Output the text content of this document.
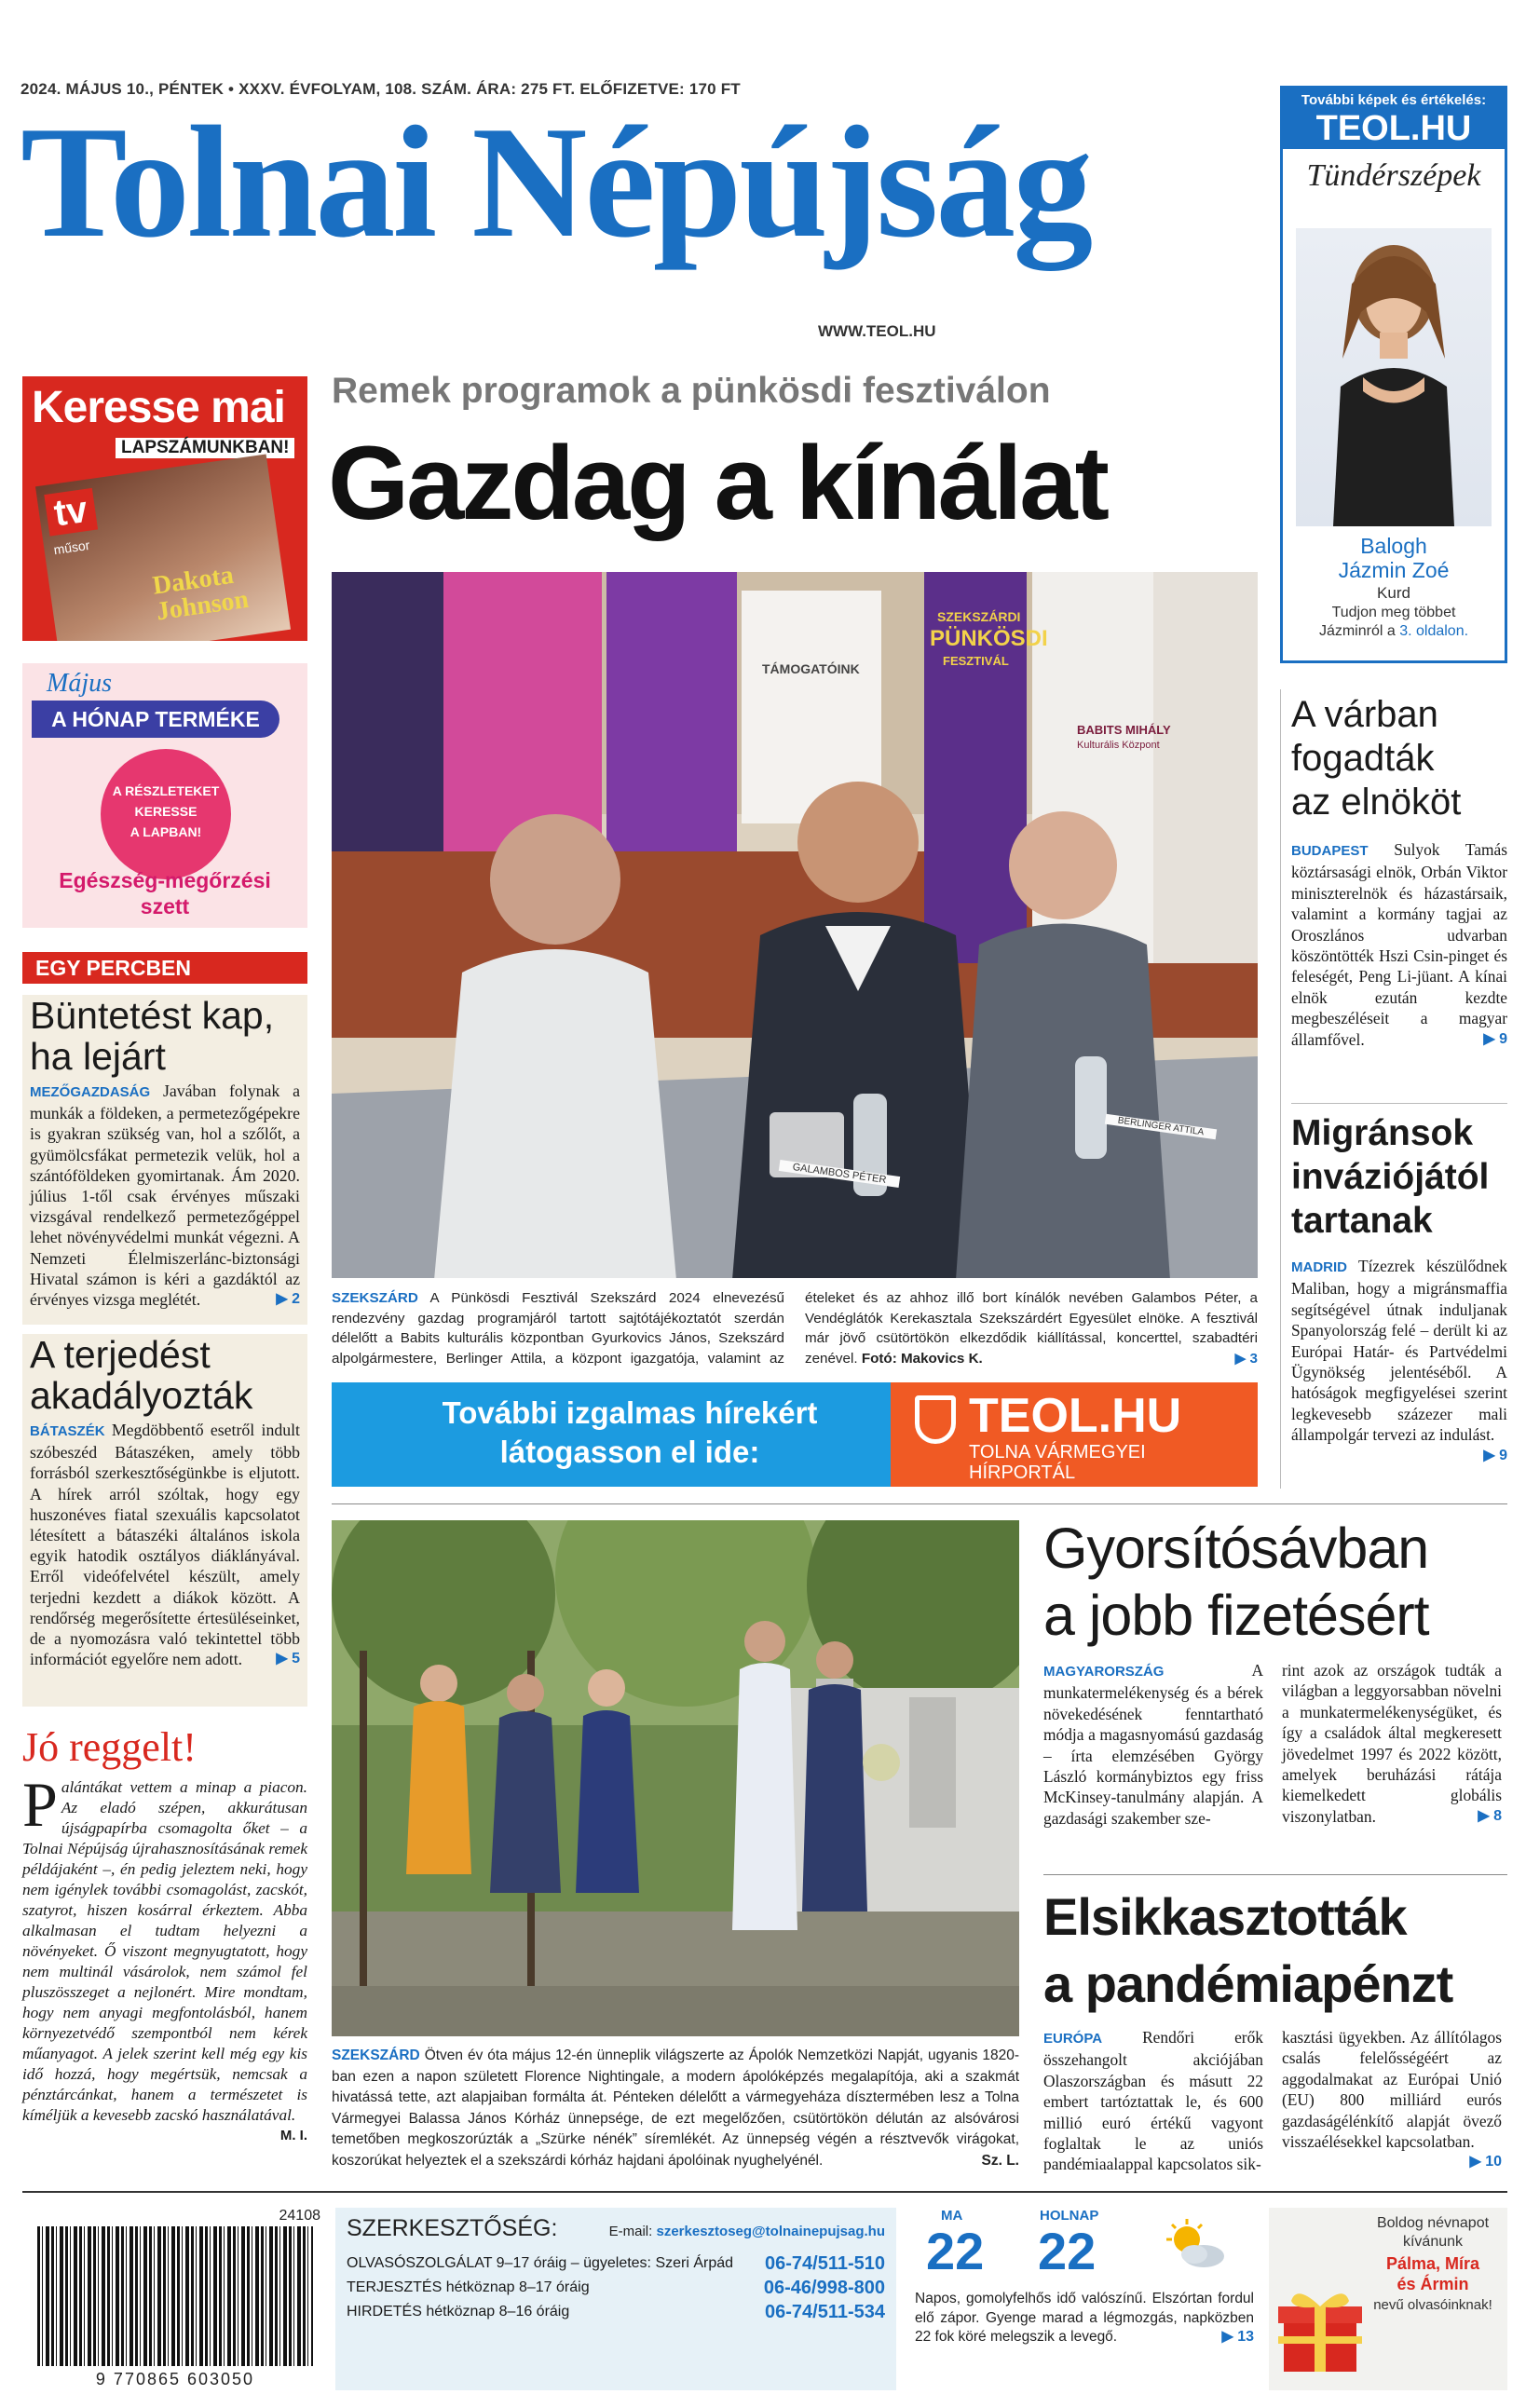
2024. MÁJUS 10., PÉNTEK • XXXV. ÉVFOLYAM, 108. SZÁM. ÁRA: 275 FT. ELŐFIZETVE: 170 FT
Tolnai Népújság
WWW.TEOL.HU
További képek és értékelés:
TEOL.HU
Tündérszépek
Balogh
Jázmin Zoé
Kurd
Tudjon meg többet
Jázminról a 3. oldalon.
Keresse mai
LAPSZÁMUNKBAN!
tv
műsor
Dakota Johnson
Május
A HÓNAP TERMÉKE
A RÉSZLETEKET
KERESSE
A LAPBAN!
Egészség-megőrzési
szett
EGY PERCBEN
Büntetést kap,
ha lejárt
MEZŐGAZDASÁG Javában folynak a munkák a földeken, a permetezőgépekre is gyakran szükség van, hol a szőlőt, a gyümölcsfákat permetezik velük, hol a szántóföldeken gyomirtanak. Ám 2020. július 1-től csak érvényes műszaki vizsgával rendelkező permetezőgéppel lehet növényvédelmi munkát végezni. A Nemzeti Élelmiszerlánc-biztonsági Hivatal számon is kéri a gazdáktól az érvényes vizsga meglétét.	▶ 2
A terjedést
akadályozták
BÁTASZÉK Megdöbbentő esetről indult szóbeszéd Bátaszéken, amely több forrásból szerkesztőségünkbe is eljutott. A hírek arról szóltak, hogy egy huszonéves fiatal szexuális kapcsolatot létesített a bátaszéki általános iskola egyik hatodik osztályos diáklányával. Erről videófelvétel készült, amely terjedni kezdett a diákok között. A rendőrség megerősítette értesüléseinket, de a nyomozásra való tekintettel több információt egyelőre nem adott. ▶ 5
Jó reggelt!
P alántákat vettem a minap a piacon. Az eladó szépen, akkurátusan újságpapírba csomagolta őket – a Tolnai Népújság újrahasznosításának remek példájaként –, én pedig jeleztem neki, hogy nem igénylek további csomagolást, zacskót, szatyrot, hiszen kosárral érkeztem. Abba alkalmasan el tudtam helyezni a növényeket. Ő viszont megnyugtatott, hogy nem multinál vásárolok, nem számol fel pluszösszeget a nejlonért. Mire mondtam, hogy nem anyagi megfontolásból, hanem környezetvédő szempontból nem kérek műanyagot. A jelek szerint kell még egy kis idő hozzá, hogy megértsük, nemcsak a pénztárcánkat, hanem a természetet is kíméljük a kevesebb zacskó használatával.
M. I.
Remek programok a pünkösdi fesztiválon
Gazdag a kínálat
SZEKSZÁRDI
PÜNKÖSDI
FESZTIVÁL
TÁMOGATÓINK
BABITS MIHÁLY
Kulturális Központ
GALAMBOS PÉTER
BERLINGER ATTILA
SZEKSZÁRD A Pünkösdi Fesztivál Szekszárd 2024 elnevezésű rendezvény gazdag programjáról tartott sajtótájékoztatót szerdán délelőtt a Babits kulturális központban Gyurkovics János, Szekszárd alpolgármestere, Berlinger Attila, a központ igazgatója, valamint az ételeket és az ahhoz illő bort kínálók nevében Galambos Péter, a Vendéglátók Kerekasztala Szekszárdért Egyesület elnöke. A fesztivál már jövő csütörtökön elkezdődik kiállítással, koncerttel, szabadtéri zenével. Fotó: Makovics K.	▶ 3
További izgalmas hírekért
látogasson el ide:
TEOL.HU
TOLNA VÁRMEGYEI
HÍRPORTÁL
A várban
fogadták
az elnököt
BUDAPEST Sulyok Tamás köztársasági elnök, Orbán Viktor miniszterelnök és házastársaik, valamint a kormány tagjai az Oroszlános udvarban köszöntötték Hszi Csin-pinget és feleségét, Peng Li-jüant. A kínai elnök ezután kezdte megbeszéléseit a magyar államfővel.	▶ 9
Migránsok
inváziójától
tartanak
MADRID Tízezrek készülődnek Maliban, hogy a migránsmaffia segítségével útnak induljanak Spanyolország felé – derült ki az Európai Határ- és Partvédelmi Ügynökség jelentéséből. A hatóságok megfigyelései szerint legkevesebb százezer mali állampolgár tervezi az indulást.
▶ 9
SZEKSZÁRD Ötven év óta május 12-én ünneplik világszerte az Ápolók Nemzetközi Napját, ugyanis 1820-ban ezen a napon született Florence Nightingale, a modern ápolóképzés megalapítója, aki a szakmát hivatássá tette, azt alapjaiban formálta át. Pénteken délelőtt a vármegyeháza dísztermében lesz a Tolna Vármegyei Balassa János Kórház ünnepsége, de ezt megelőzően, csütörtökön délután az alsóvárosi temetőben megkoszorúzták a „Szürke nénék” síremlékét. Az ünnepség végén a résztvevők virágokat, koszorúkat helyeztek el a szekszárdi kórház hajdani ápolóinak nyughelyénél.	Sz. L.
Gyorsítósávban
a jobb fizetésért
MAGYARORSZÁG	A munkatermelékenység és a bérek növekedésének fenntartható módja a magasnyomású gazdaság – írta elemzésében György László kormánybiztos egy friss McKinsey-tanulmány alapján. A gazdasági szakember sze-
rint azok az országok tudták a világban a leggyorsabban növelni a munkatermelékenységüket, és így a családok által megkeresett jövedelmet 1997 és 2022 között, amelyek beruházási rátája kiemelkedett globális viszonylatban.	▶ 8
Elsikkasztották
a pandémiapénzt
EURÓPA Rendőri erők összehangolt akciójában Olaszországban és másutt 22 embert tartóztattak le, és 600 millió euró értékű vagyont foglaltak le az uniós pandémiaalappal kapcsolatos sik-
kasztási ügyekben. Az állítólagos csalás felelősségéért az aggodalmakat az Európai Unió (EU) 800 milliárd eurós gazdaságélénkítő alapját övező visszaélésekkel kapcsolatban.
▶ 10
24108
9 770865 603050
SZERKESZTŐSÉG:	E-mail: szerkesztoseg@tolnainepujsag.hu
OLVASÓSZOLGÁLAT 9–17 óráig – ügyeletes: Szeri Árpád 06-74/511-510
TERJESZTÉS hétköznap 8–17 óráig	06-46/998-800
HIRDETÉS hétköznap 8–16 óráig	06-74/511-534
MA
22
HOLNAP
22
Napos, gomolyfelhős idő valószínű. Elszórtan fordul elő zápor. Gyenge marad a légmozgás, napközben 22 fok köré melegszik a levegő.	▶ 13
Boldog névnapot
kívánunk
Pálma, Míra
és Ármin
nevű olvasóinknak!
